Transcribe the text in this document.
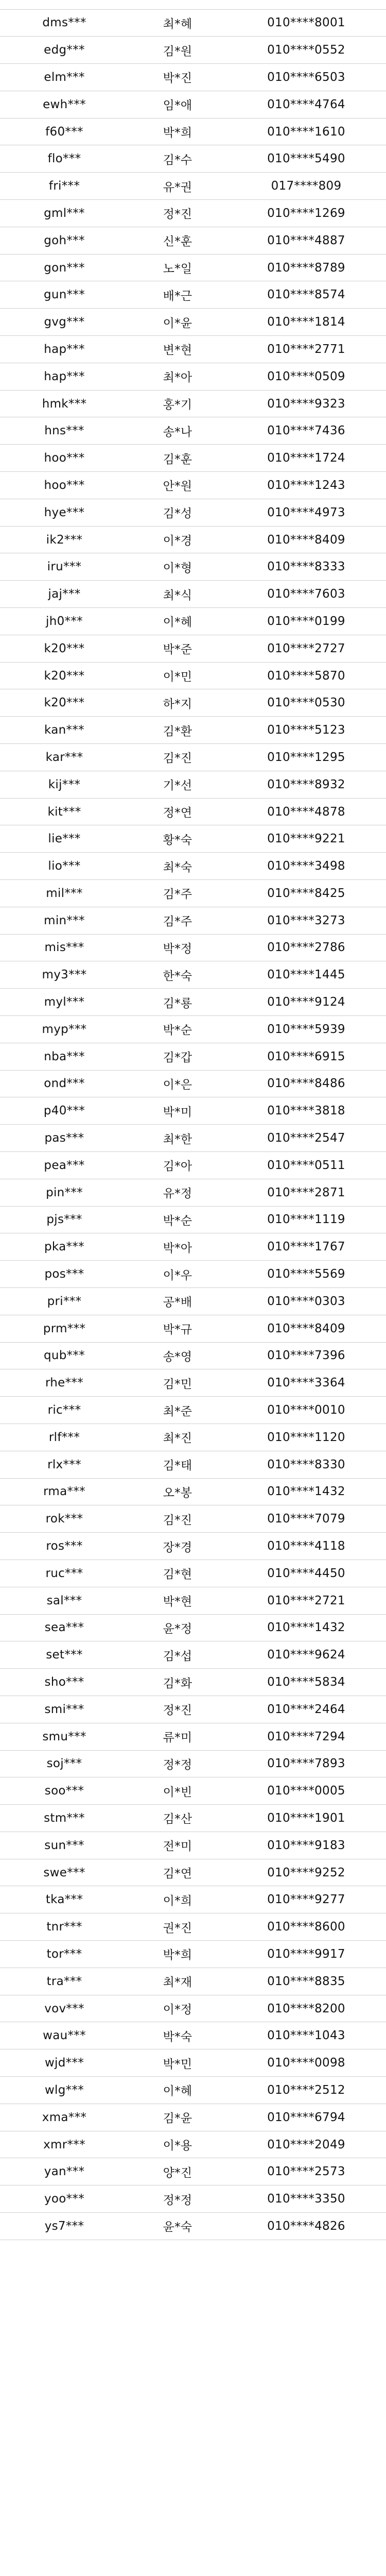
dms***	최*혜	010****8001
edg***	김*원	010****0552
elm***	박*진	010****6503
ewh***	임*애	010****4764
f60***	박*희	010****1610
flo***	김*수	010****5490
fri***	유*권	017****809
gml***	정*진	010****1269
goh***	신*훈	010****4887
gon***	노*일	010****8789
gun***	배*근	010****8574
gvg***	이*윤	010****1814
hap***	변*현	010****2771
hap***	최*아	010****0509
hmk***	홍*기	010****9323
hns***	송*나	010****7436
hoo***	김*훈	010****1724
hoo***	안*원	010****1243
hye***	김*성	010****4973
ik2***	이*경	010****8409
iru***	이*형	010****8333
jaj***	최*식	010****7603
jh0***	이*혜	010****0199
k20***	박*준	010****2727
k20***	이*민	010****5870
k20***	하*지	010****0530
kan***	김*환	010****5123
kar***	김*진	010****1295
kij***	기*선	010****8932
kit***	정*연	010****4878
lie***	황*숙	010****9221
lio***	최*숙	010****3498
mil***	김*주	010****8425
min***	김*주	010****3273
mis***	박*정	010****2786
my3***	한*숙	010****1445
myl***	김*룡	010****9124
myp***	박*순	010****5939
nba***	김*갑	010****6915
ond***	이*은	010****8486
p40***	박*미	010****3818
pas***	최*한	010****2547
pea***	김*아	010****0511
pin***	유*정	010****2871
pjs***	박*순	010****1119
pka***	박*아	010****1767
pos***	이*우	010****5569
pri***	공*배	010****0303
prm***	박*규	010****8409
qub***	송*영	010****7396
rhe***	김*민	010****3364
ric***	최*준	010****0010
rlf***	최*진	010****1120
rlx***	김*태	010****8330
rma***	오*봉	010****1432
rok***	김*진	010****7079
ros***	장*경	010****4118
ruc***	김*현	010****4450
sal***	박*현	010****2721
sea***	윤*정	010****1432
set***	김*섭	010****9624
sho***	김*화	010****5834
smi***	정*진	010****2464
smu***	류*미	010****7294
soj***	정*정	010****7893
soo***	이*빈	010****0005
stm***	김*산	010****1901
sun***	전*미	010****9183
swe***	김*연	010****9252
tka***	이*희	010****9277
tnr***	권*진	010****8600
tor***	박*희	010****9917
tra***	최*재	010****8835
vov***	이*정	010****8200
wau***	박*숙	010****1043
wjd***	박*민	010****0098
wlg***	이*혜	010****2512
xma***	김*윤	010****6794
xmr***	이*용	010****2049
yan***	양*진	010****2573
yoo***	정*정	010****3350
ys7***	윤*숙	010****4826
